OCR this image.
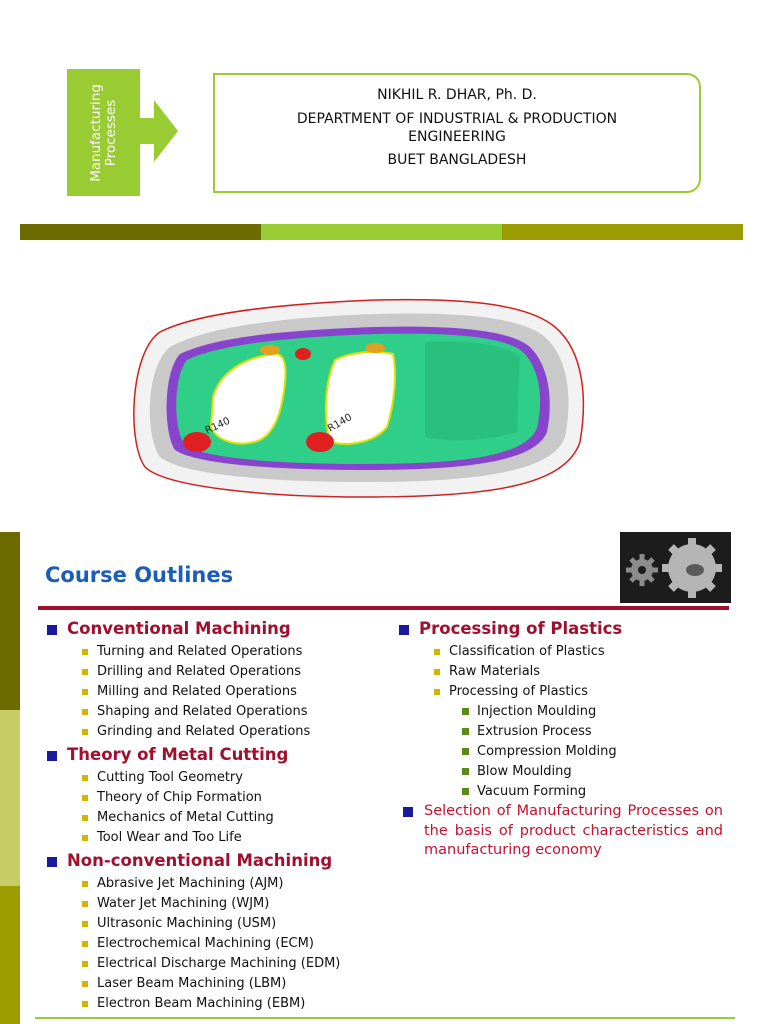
Manufacturing Processes
NIKHIL R. DHAR, Ph. D.
DEPARTMENT OF INDUSTRIAL & PRODUCTION
ENGINEERING
BUET BANGLADESH
R140	R140
Course Outlines

Conventional Machining

Turning and Related Operations
Drilling and Related Operations
Milling and Related Operations
Shaping and Related Operations
Grinding and Related Operations

Theory of Metal Cutting

Cutting Tool Geometry
Theory of Chip Formation
Mechanics of Metal Cutting
Tool Wear and Too Life

Non-conventional Machining

Abrasive Jet Machining (AJM)
Water Jet Machining (WJM)
Ultrasonic Machining (USM)
Electrochemical Machining (ECM)
Electrical Discharge Machining (EDM)
Laser Beam Machining (LBM)
Electron Beam Machining (EBM)

Processing of Plastics

Classification of Plastics
Raw Materials
Processing of Plastics
Injection Moulding
Extrusion Process
Compression Molding
Blow Moulding
Vacuum Forming
Selection of Manufacturing Processes on the basis of product characteristics and manufacturing economy
